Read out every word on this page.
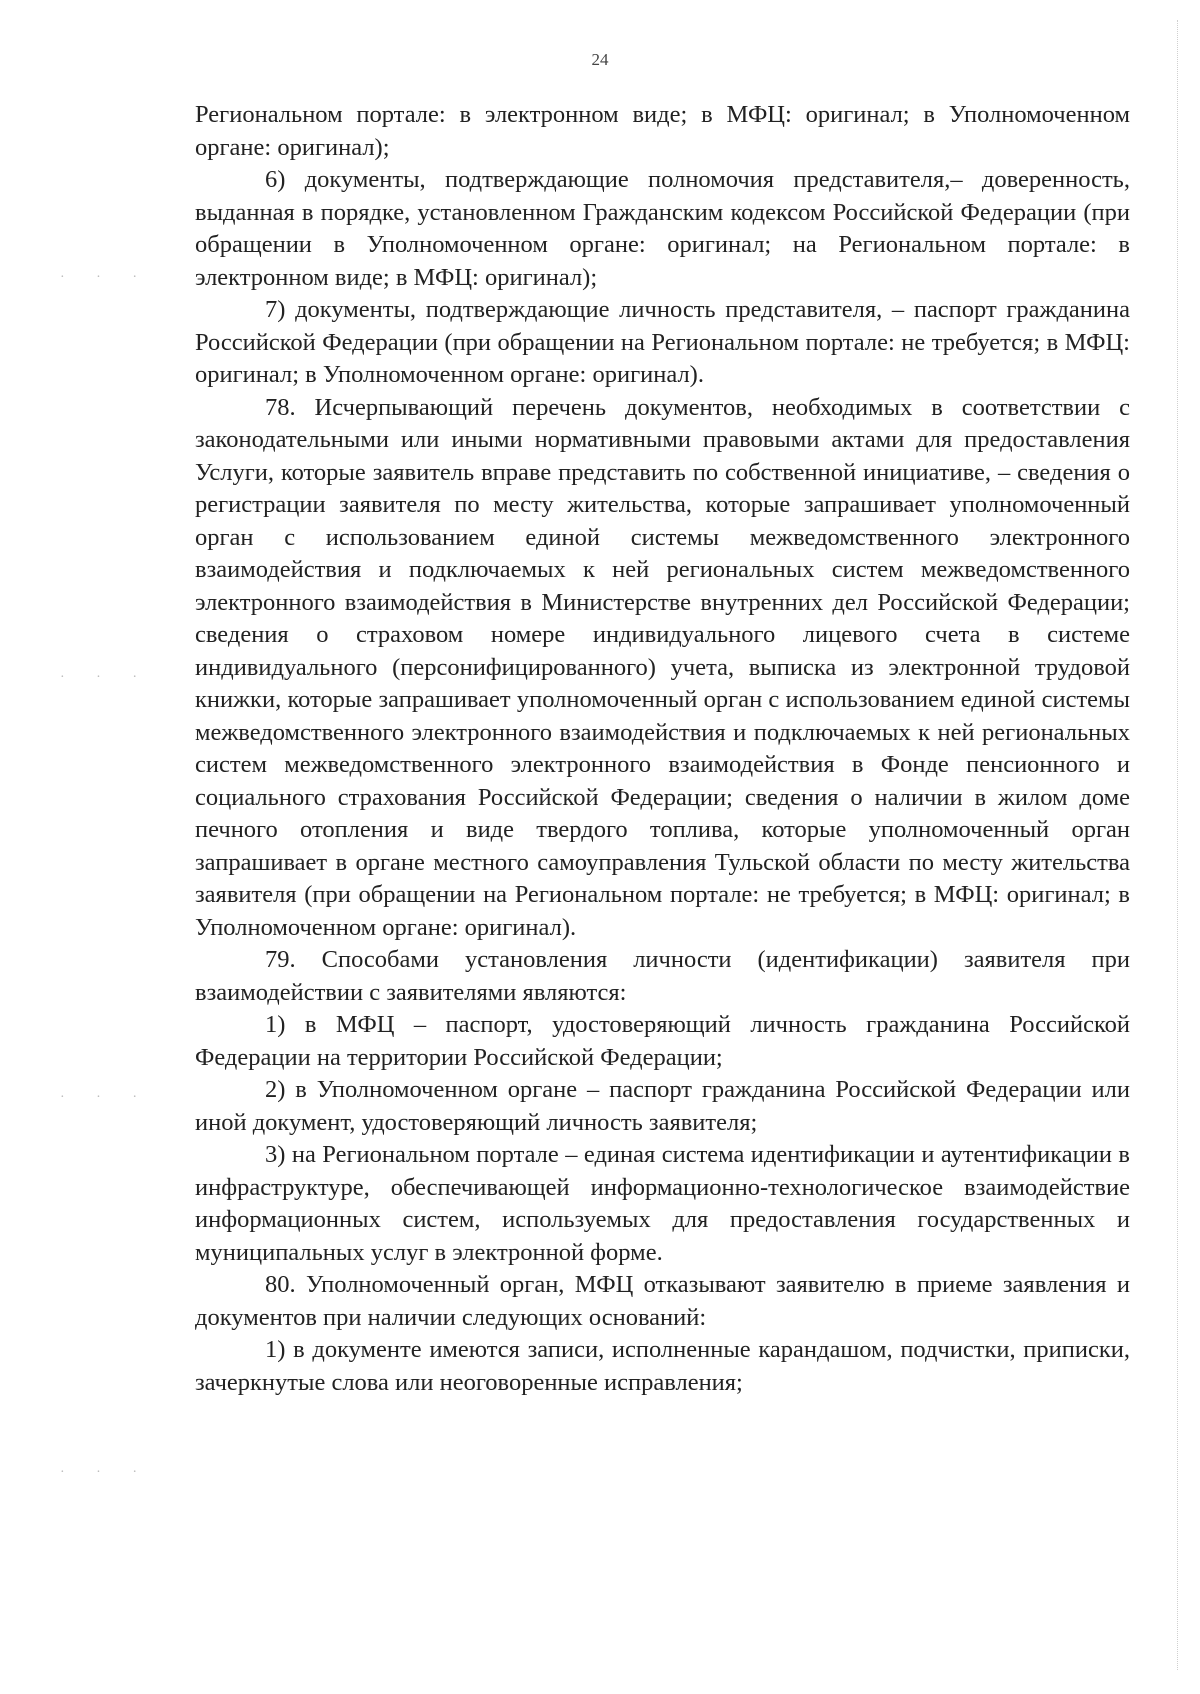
· · ·
· · ·
· · ·
· · ·
24

Региональном портале: в электронном виде; в МФЦ: оригинал; в Уполномоченном органе: оригинал);

6) документы, подтверждающие полномочия представителя,– доверенность, выданная в порядке, установленном Гражданским кодексом Российской Федерации (при обращении в Уполномоченном органе: оригинал; на Региональном портале: в электронном виде; в МФЦ: оригинал);

7) документы, подтверждающие личность представителя, – паспорт гражданина Российской Федерации (при обращении на Региональном портале: не требуется; в МФЦ: оригинал; в Уполномоченном органе: оригинал).

78. Исчерпывающий перечень документов, необходимых в соответствии с законодательными или иными нормативными правовыми актами для предоставления Услуги, которые заявитель вправе представить по собственной инициативе, – сведения о регистрации заявителя по месту жительства, которые запрашивает уполномоченный орган с использованием единой системы межведомственного электронного взаимодействия и подключаемых к ней региональных систем межведомственного электронного взаимодействия в Министерстве внутренних дел Российской Федерации; сведения о страховом номере индивидуального лицевого счета в системе индивидуального (персонифицированного) учета, выписка из электронной трудовой книжки, которые запрашивает уполномоченный орган с использованием единой системы межведомственного электронного взаимодействия и подключаемых к ней региональных систем межведомственного электронного взаимодействия в Фонде пенсионного и социального страхования Российской Федерации; сведения о наличии в жилом доме печного отопления и виде твердого топлива, которые уполномоченный орган запрашивает в органе местного самоуправления Тульской области по месту жительства заявителя (при обращении на Региональном портале: не требуется; в МФЦ: оригинал; в Уполномоченном органе: оригинал).

79. Способами установления личности (идентификации) заявителя при взаимодействии с заявителями являются:

1) в МФЦ – паспорт, удостоверяющий личность гражданина Российской Федерации на территории Российской Федерации;

2) в Уполномоченном органе – паспорт гражданина Российской Федерации или иной документ, удостоверяющий личность заявителя;

3) на Региональном портале – единая система идентификации и аутентификации в инфраструктуре, обеспечивающей информационно-технологическое взаимодействие информационных систем, используемых для предоставления государственных и муниципальных услуг в электронной форме.

80. Уполномоченный орган, МФЦ отказывают заявителю в приеме заявления и документов при наличии следующих оснований:

1) в документе имеются записи, исполненные карандашом, подчистки, приписки, зачеркнутые слова или неоговоренные исправления;
